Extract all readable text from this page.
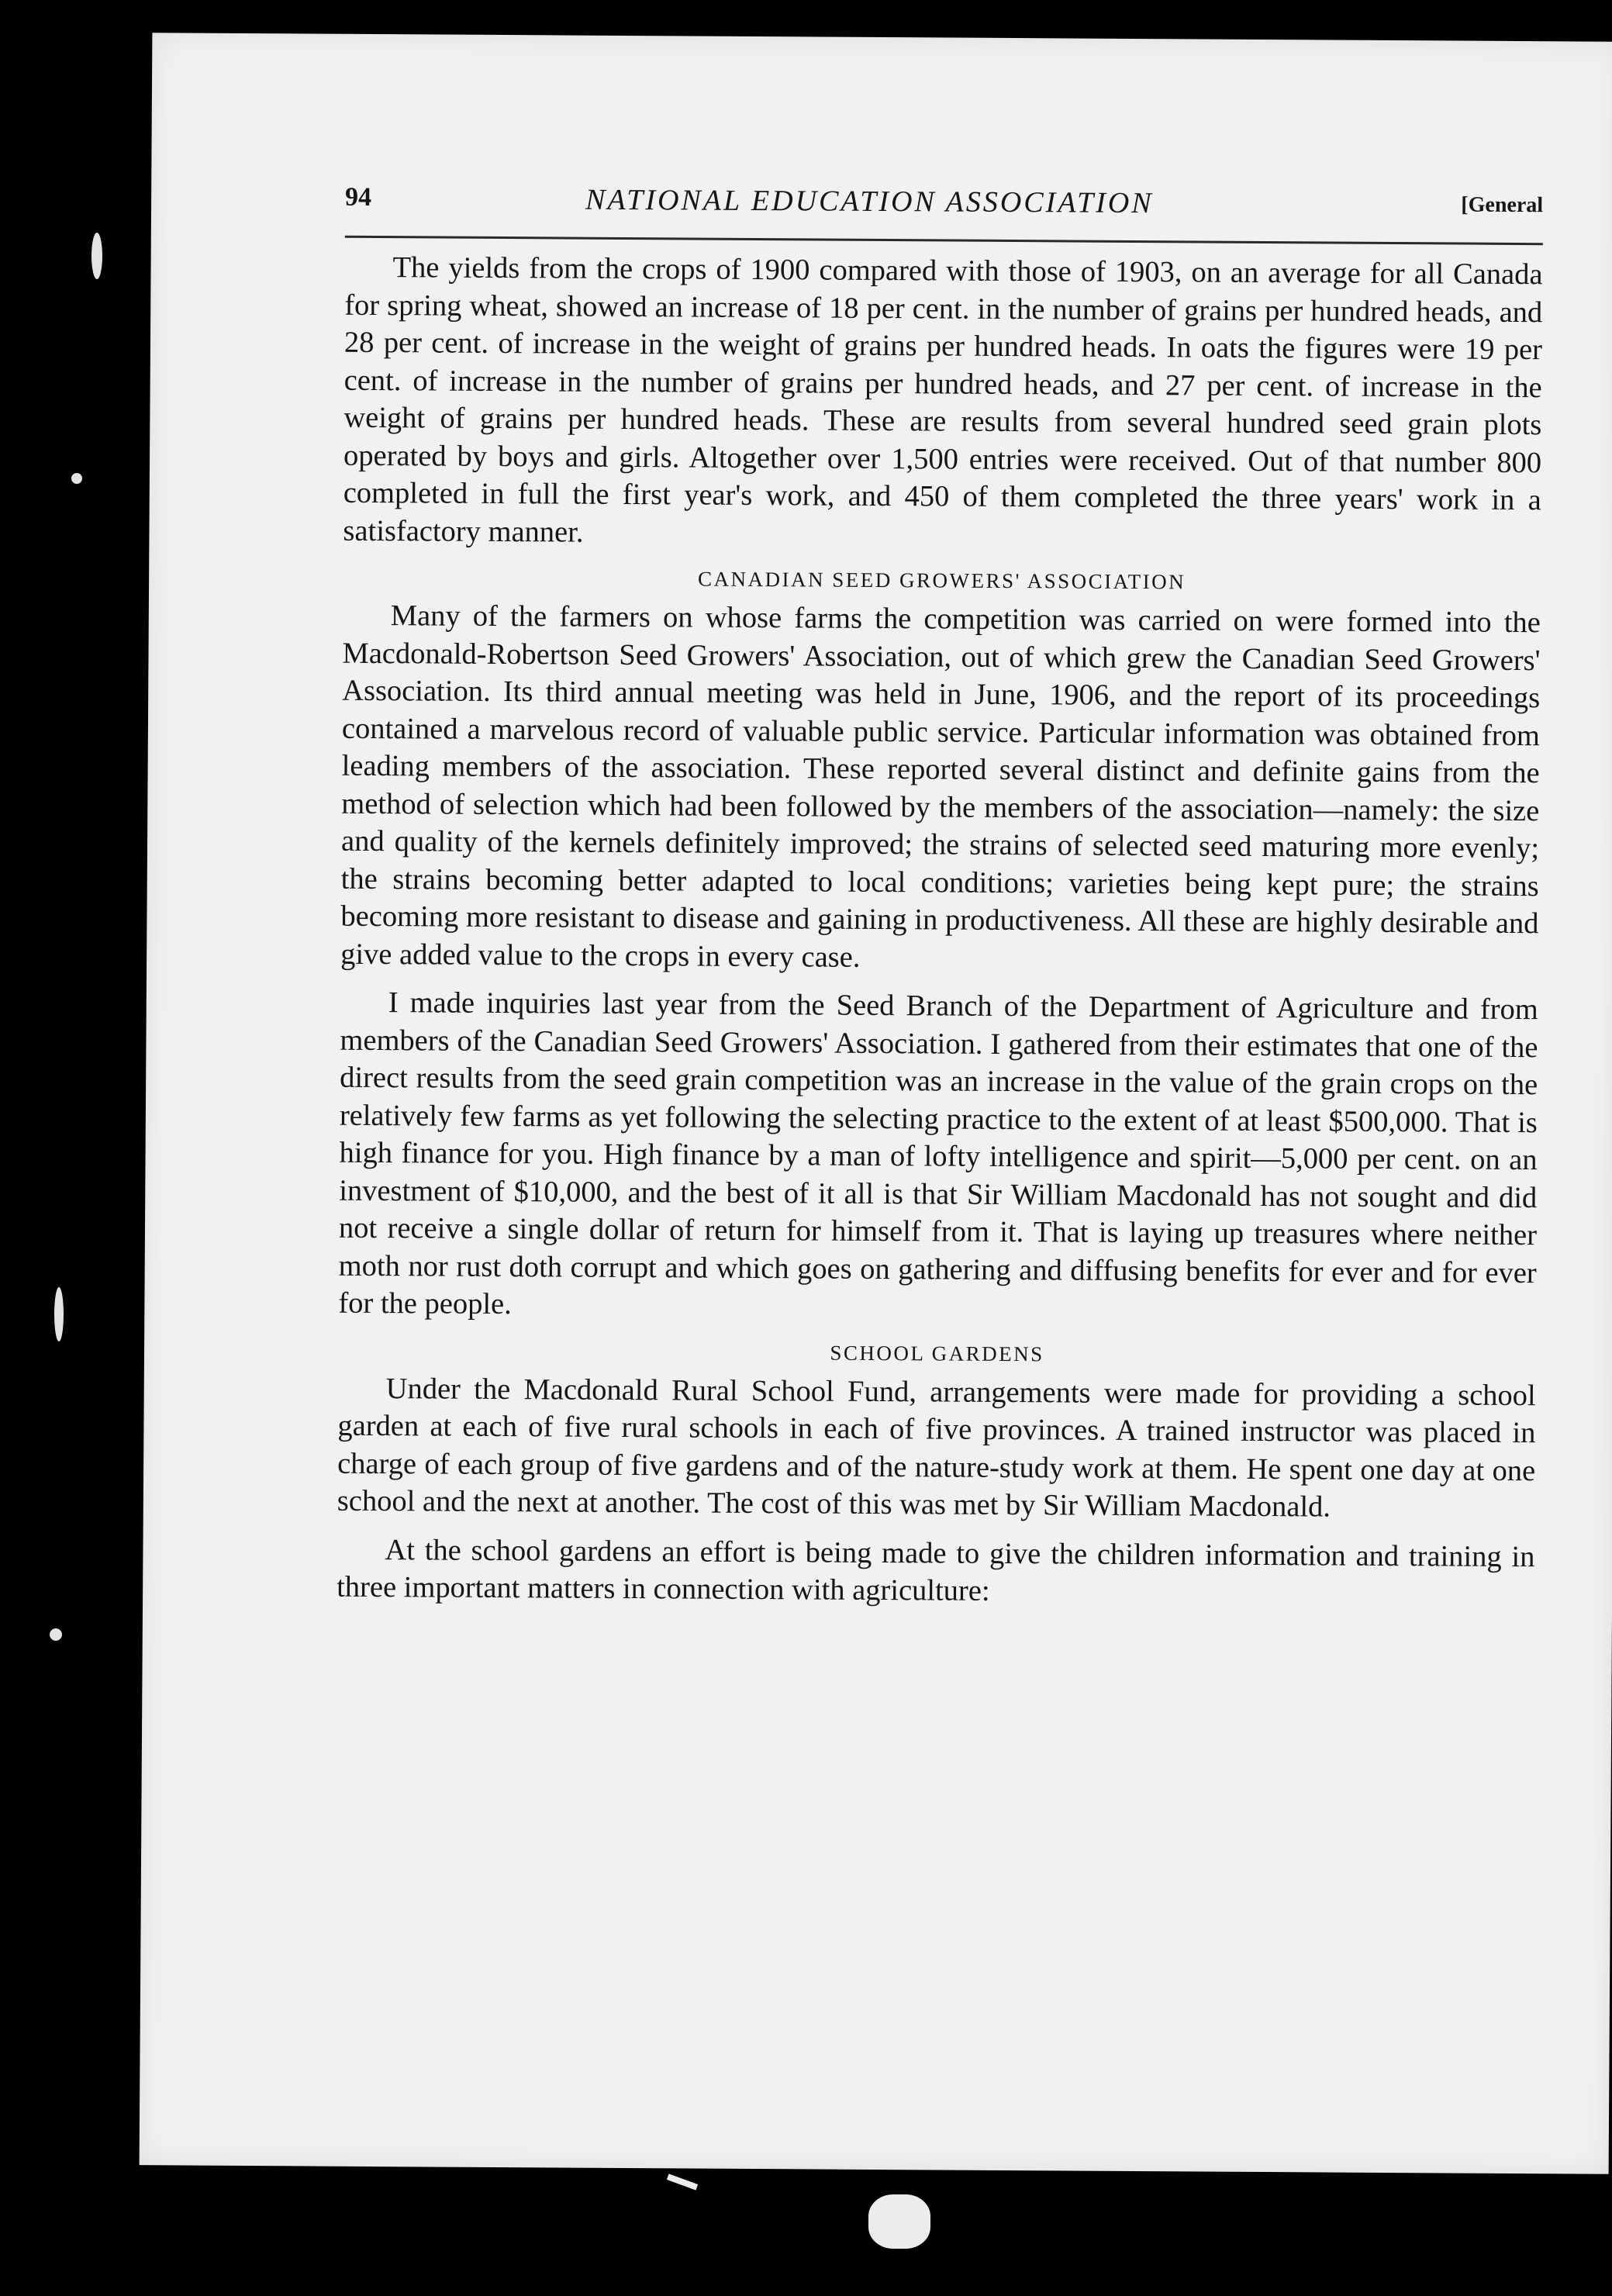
94	NATIONAL EDUCATION ASSOCIATION	[General

The yields from the crops of 1900 compared with those of 1903, on an average for all Canada for spring wheat, showed an increase of 18 per cent. in the number of grains per hundred heads, and 28 per cent. of increase in the weight of grains per hundred heads. In oats the figures were 19 per cent. of increase in the number of grains per hundred heads, and 27 per cent. of increase in the weight of grains per hundred heads. These are results from several hundred seed grain plots operated by boys and girls. Altogether over 1,500 entries were received. Out of that number 800 completed in full the first year's work, and 450 of them completed the three years' work in a satisfactory manner.

CANADIAN SEED GROWERS' ASSOCIATION

Many of the farmers on whose farms the competition was carried on were formed into the Macdonald-Robertson Seed Growers' Association, out of which grew the Canadian Seed Growers' Association. Its third annual meeting was held in June, 1906, and the report of its proceedings contained a marvelous record of valuable public service. Particular information was obtained from leading members of the association. These reported several distinct and definite gains from the method of selection which had been followed by the members of the association—namely: the size and quality of the kernels definitely improved; the strains of selected seed maturing more evenly; the strains becoming better adapted to local conditions; varieties being kept pure; the strains becoming more resistant to disease and gaining in productiveness. All these are highly desirable and give added value to the crops in every case.

I made inquiries last year from the Seed Branch of the Department of Agriculture and from members of the Canadian Seed Growers' Association. I gathered from their estimates that one of the direct results from the seed grain competition was an increase in the value of the grain crops on the relatively few farms as yet following the selecting practice to the extent of at least $500,000. That is high finance for you. High finance by a man of lofty intelligence and spirit—5,000 per cent. on an investment of $10,000, and the best of it all is that Sir William Macdonald has not sought and did not receive a single dollar of return for himself from it. That is laying up treasures where neither moth nor rust doth corrupt and which goes on gathering and diffusing benefits for ever and for ever for the people.

SCHOOL GARDENS

Under the Macdonald Rural School Fund, arrangements were made for providing a school garden at each of five rural schools in each of five provinces. A trained instructor was placed in charge of each group of five gardens and of the nature-study work at them. He spent one day at one school and the next at another. The cost of this was met by Sir William Macdonald.

At the school gardens an effort is being made to give the children information and training in three important matters in connection with agriculture:
